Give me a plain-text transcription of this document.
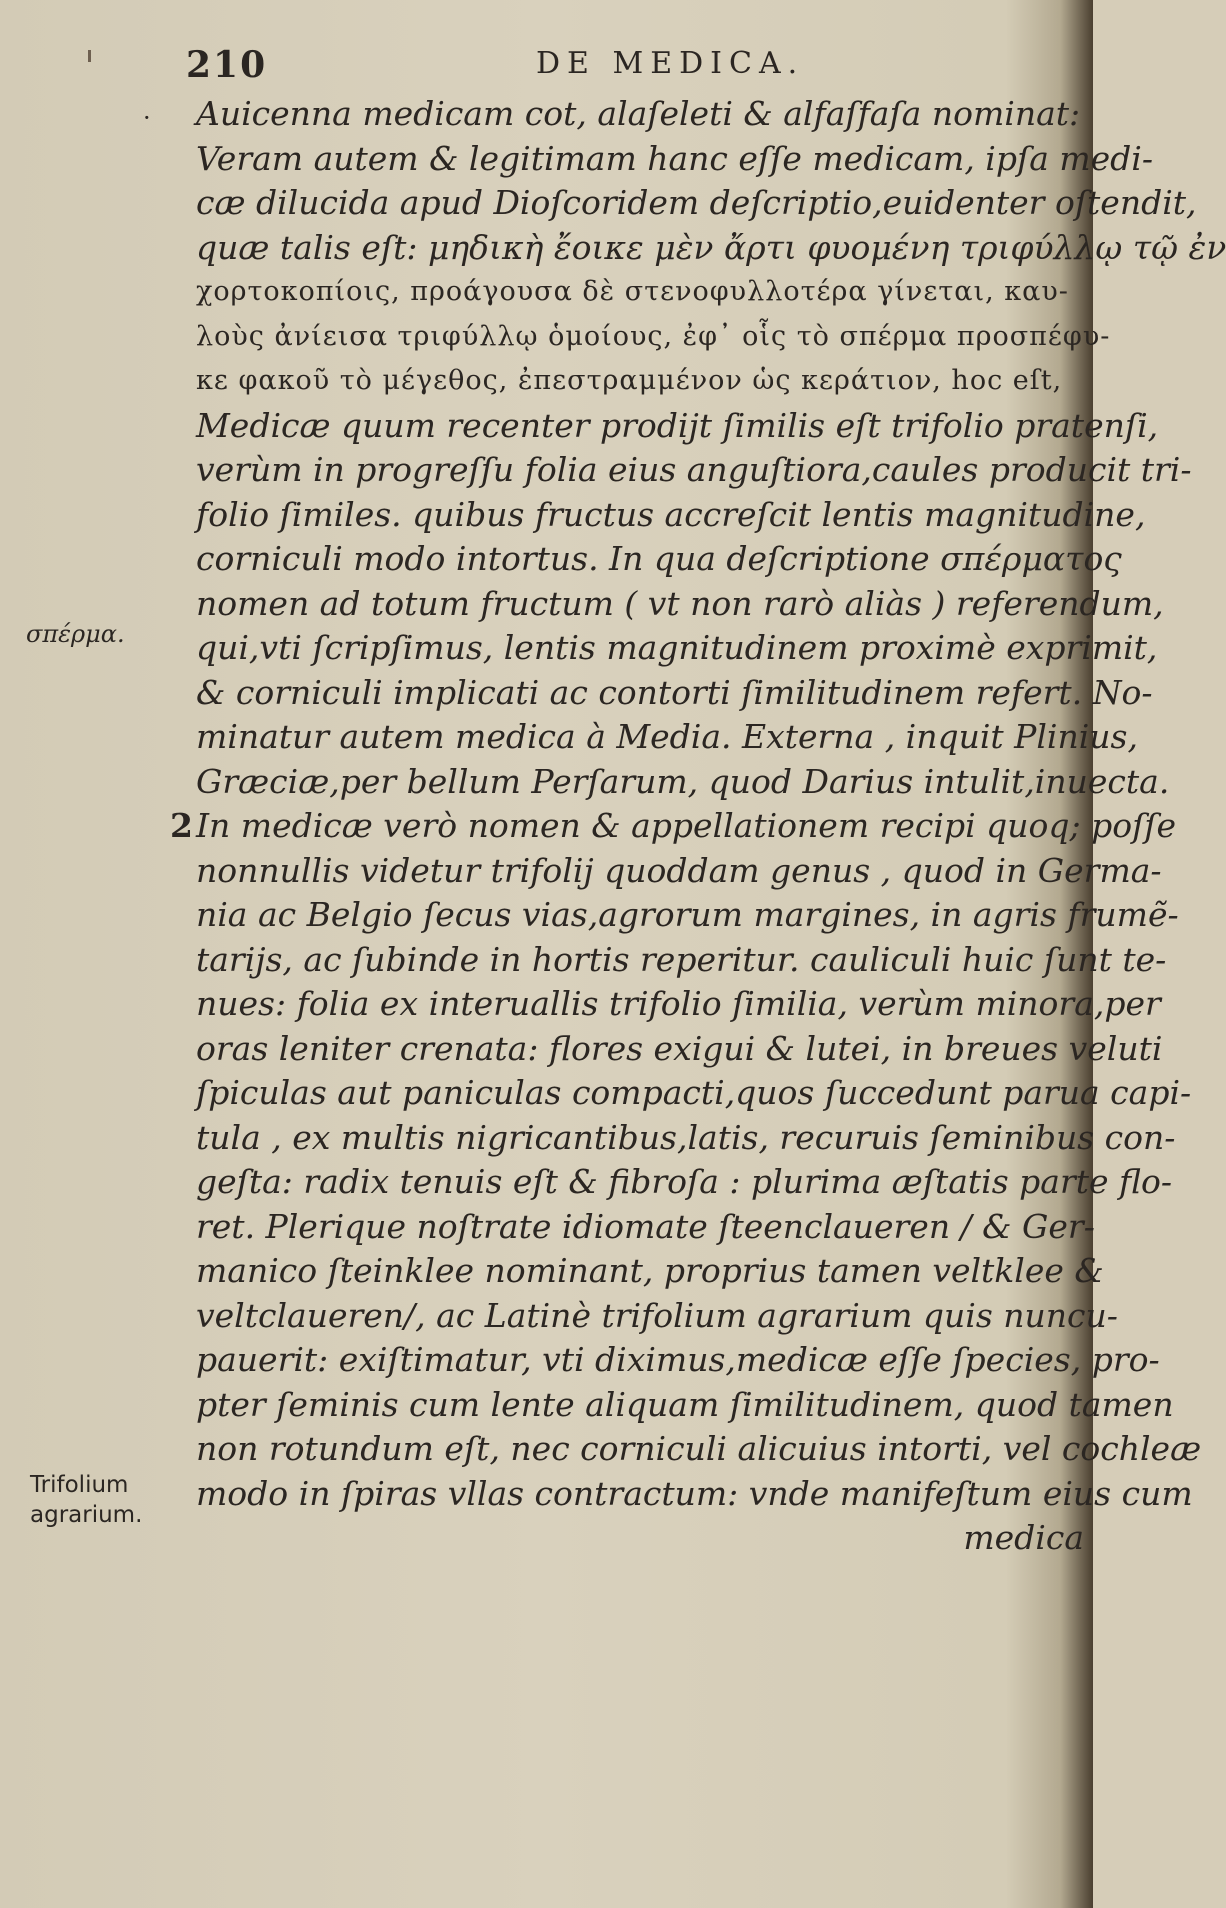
210	DE MEDICA.
·
σπέρμα.
Trifolium
agrarium.
Auicenna medicam cot, alaſeleti & alfaſfaſa nominat:
Veram autem & legitimam hanc eſſe medicam, ipſa medi-
cæ dilucida apud Dioſcoridem deſcriptio,euidenter oſtendit,
quæ talis eſt: μηδικὴ ἔοικε μὲν ἄρτι φυομένη τριφύλλῳ τῷ ἐν
χορτοκοπίοις, προάγουσα δὲ στενοφυλλοτέρα γίνεται, καυ-
λοὺς ἀνίεισα τριφύλλῳ ὁμοίους, ἐφ᾽ οἷς τὸ σπέρμα προσπέφυ-
κε φακοῦ τὸ μέγεθος, ἐπεστραμμένον ὡς κεράτιον, hoc eſt,
Medicæ quum recenter prodijt ſimilis eſt trifolio pratenſi,
verùm in progreſſu folia eius anguſtiora,caules producit tri-
folio ſimiles. quibus fructus accreſcit lentis magnitudine,
corniculi modo intortus. In qua deſcriptione σπέρματος
nomen ad totum fructum ( vt non rarò aliàs ) referendum,
qui,vti ſcripſimus, lentis magnitudinem proximè exprimit,
& corniculi implicati ac contorti ſimilitudinem refert. No-
minatur autem medica à Media. Externa , inquit Plinius,
Græciæ,per bellum Perſarum, quod Darius intulit,inuecta.
2In medicæ verò nomen & appellationem recipi quoq; poſſe
nonnullis videtur trifolij quoddam genus , quod in Germa-
nia ac Belgio ſecus vias,agrorum margines, in agris frumẽ-
tarijs, ac ſubinde in hortis reperitur. cauliculi huic ſunt te-
nues: folia ex interuallis trifolio ſimilia, verùm minora,per
oras leniter crenata: flores exigui & lutei, in breues veluti
ſpiculas aut paniculas compacti,quos ſuccedunt parua capi-
tula , ex multis nigricantibus,latis, recuruis ſeminibus con-
geſta: radix tenuis eſt & fibroſa : plurima æſtatis parte flo-
ret. Plerique noſtrate idiomate ſteenclaueren / & Ger-
manico ſteinklee nominant, proprius tamen veltklee &
veltclaueren/, ac Latinè trifolium agrarium quis nuncu-
pauerit: exiſtimatur, vti diximus,medicæ eſſe ſpecies, pro-
pter ſeminis cum lente aliquam ſimilitudinem, quod tamen
non rotundum eſt, nec corniculi alicuius intorti, vel cochleæ
modo in ſpiras vllas contractum: vnde manifeſtum eius cum
medica
